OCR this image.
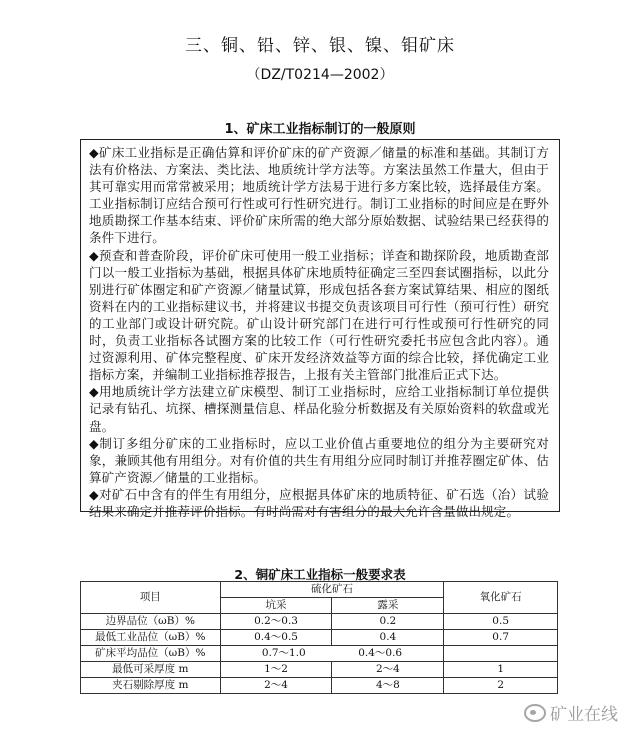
三、铜、铅、锌、银、镍、钼矿床
（DZ/T0214—2002）
1、矿床工业指标制订的一般原则

◆矿床工业指标是正确估算和评价矿床的矿产资源／储量的标准和基础。其制订方法有价格法、方案法、类比法、地质统计学方法等。方案法虽然工作量大，但由于其可靠实用而常常被采用；地质统计学方法易于进行多方案比较，选择最佳方案。工业指标制订应结合预可行性或可行性研究进行。制订工业指标的时间应是在野外地质勘探工作基本结束、评价矿床所需的绝大部分原始数据、试验结果已经获得的条件下进行。

◆预查和普查阶段，评价矿床可使用一般工业指标；详查和勘探阶段，地质勘查部门以一般工业指标为基础，根据具体矿床地质特征确定三至四套试圈指标，以此分别进行矿体圈定和矿产资源／储量试算，形成包括各套方案试算结果、相应的图纸资料在内的工业指标建议书，并将建议书提交负责该项目可行性（预可行性）研究的工业部门或设计研究院。矿山设计研究部门在进行可行性或预可行性研究的同时，负责工业指标各试圈方案的比较工作（可行性研究委托书应包含此内容）。通过资源利用、矿体完整程度、矿床开发经济效益等方面的综合比较，择优确定工业指标方案，并编制工业指标推荐报告，上报有关主管部门批准后正式下达。

◆用地质统计学方法建立矿床模型、制订工业指标时，应给工业指标制订单位提供记录有钻孔、坑探、槽探测量信息、样品化验分析数据及有关原始资料的软盘或光盘。

◆制订多组分矿床的工业指标时，应以工业价值占重要地位的组分为主要研究对象，兼顾其他有用组分。对有价值的共生有用组分应同时制订并推荐圈定矿体、估算矿产资源／储量的工业指标。

◆对矿石中含有的伴生有用组分，应根据具体矿床的地质特征、矿石选（冶）试验结果来确定并推荐评价指标。有时尚需对有害组分的最大允许含量做出规定。

2、铜矿床工业指标一般要求表
项目	硫化矿石		氧化矿石
	坑采	露采	
边界品位（ωB）%	0.2～0.3	0.2	0.5
最低工业品位（ωB）%	0.4～0.5	0.4	0.7
矿床平均品位（ωB）%	0.7～1.0　　　　　0.4～0.6		
最低可采厚度 m	1～2	2～4	1
夹石剔除厚度 m	2～4	4～8	2
矿业在线
